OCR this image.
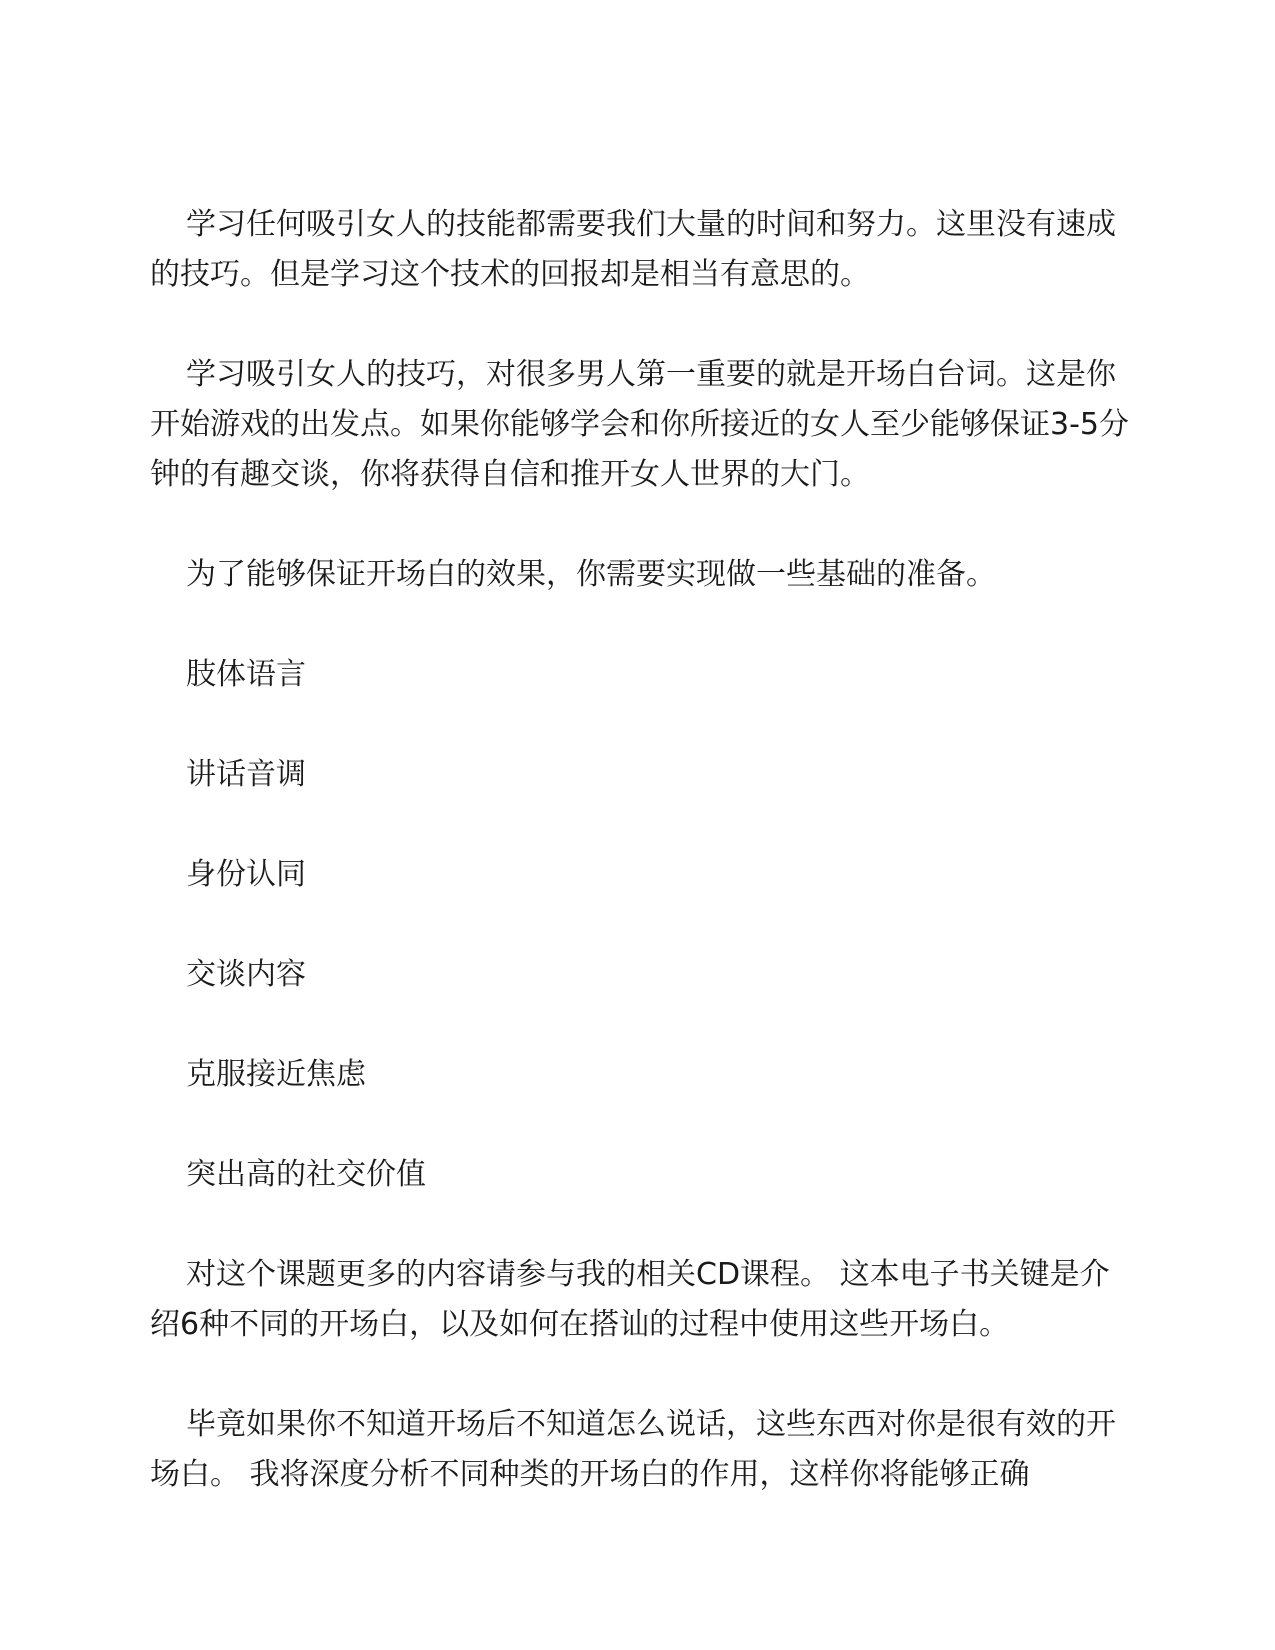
学习任何吸引女人的技能都需要我们大量的时间和努力。这里没有速成的技巧。但是学习这个技术的回报却是相当有意思的。

学习吸引女人的技巧，对很多男人第一重要的就是开场白台词。这是你开始游戏的出发点。如果你能够学会和你所接近的女人至少能够保证3-5分钟的有趣交谈，你将获得自信和推开女人世界的大门。

为了能够保证开场白的效果，你需要实现做一些基础的准备。

肢体语言

讲话音调

身份认同

交谈内容

克服接近焦虑

突出高的社交价值

对这个课题更多的内容请参与我的相关CD课程。 这本电子书关键是介绍6种不同的开场白，以及如何在搭讪的过程中使用这些开场白。

毕竟如果你不知道开场后不知道怎么说话，这些东西对你是很有效的开场白。 我将深度分析不同种类的开场白的作用，这样你将能够正确
